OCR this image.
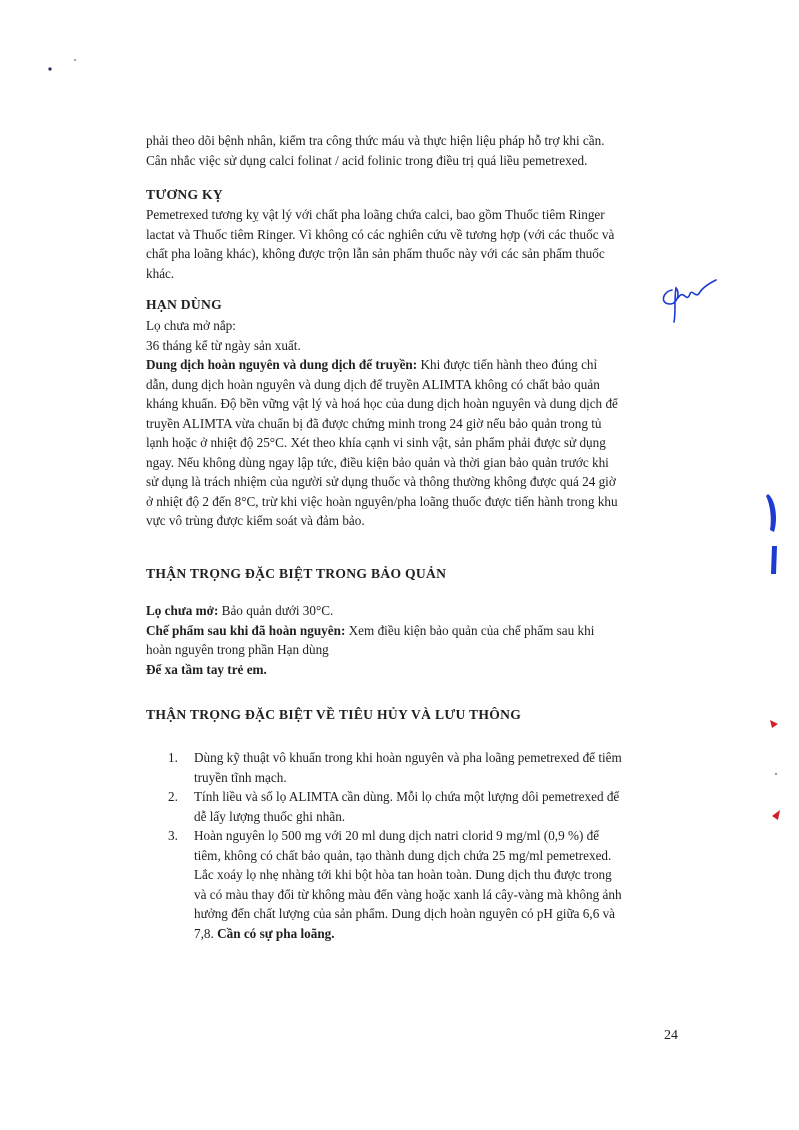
phải theo dõi bệnh nhân, kiểm tra công thức máu và thực hiện liệu pháp hỗ trợ khi cần.
Cân nhắc việc sử dụng calci folinat / acid folinic trong điều trị quá liều pemetrexed.
TƯƠNG KỴ
Pemetrexed tương kỵ vật lý với chất pha loãng chứa calci, bao gồm Thuốc tiêm Ringer
lactat và Thuốc tiêm Ringer. Vì không có các nghiên cứu về tương hợp (với các thuốc và
chất pha loãng khác), không được trộn lẫn sản phẩm thuốc này với các sản phẩm thuốc
khác.
HẠN DÙNG
Lọ chưa mở nắp:
36 tháng kể từ ngày sản xuất.
Dung dịch hoàn nguyên và dung dịch để truyền: Khi được tiến hành theo đúng chỉ
dẫn, dung dịch hoàn nguyên và dung dịch để truyền ALIMTA không có chất bảo quản
kháng khuẩn. Độ bền vững vật lý và hoá học của dung dịch hoàn nguyên và dung dịch để
truyền ALIMTA vừa chuẩn bị đã được chứng minh trong 24 giờ nếu bảo quản trong tủ
lạnh hoặc ở nhiệt độ 25°C. Xét theo khía cạnh vi sinh vật, sản phẩm phải được sử dụng
ngay. Nếu không dùng ngay lập tức, điều kiện bảo quản và thời gian bảo quản trước khi
sử dụng là trách nhiệm của người sử dụng thuốc và thông thường không được quá 24 giờ
ở nhiệt độ 2 đến 8°C, trừ khi việc hoàn nguyên/pha loãng thuốc được tiến hành trong khu
vực vô trùng được kiểm soát và đảm bảo.
THẬN TRỌNG ĐẶC BIỆT TRONG BẢO QUẢN
Lọ chưa mở: Bảo quản dưới 30°C.
Chế phẩm sau khi đã hoàn nguyên: Xem điều kiện bảo quản của chế phẩm sau khi
hoàn nguyên trong phần Hạn dùng
Để xa tầm tay trẻ em.
THẬN TRỌNG ĐẶC BIỆT VỀ TIÊU HỦY VÀ LƯU THÔNG
1. Dùng kỹ thuật vô khuẩn trong khi hoàn nguyên và pha loãng pemetrexed để tiêm
truyền tĩnh mạch.
2. Tính liều và số lọ ALIMTA cần dùng. Mỗi lọ chứa một lượng dôi pemetrexed để
dễ lấy lượng thuốc ghi nhãn.
3. Hoàn nguyên lọ 500 mg với 20 ml dung dịch natri clorid 9 mg/ml (0,9 %) để
tiêm, không có chất bảo quản, tạo thành dung dịch chứa 25 mg/ml pemetrexed.
Lắc xoáy lọ nhẹ nhàng tới khi bột hòa tan hoàn toàn. Dung dịch thu được trong
và có màu thay đổi từ không màu đến vàng hoặc xanh lá cây-vàng mà không ảnh
hưởng đến chất lượng của sản phẩm. Dung dịch hoàn nguyên có pH giữa 6,6 và
7,8. Cần có sự pha loãng.
24
